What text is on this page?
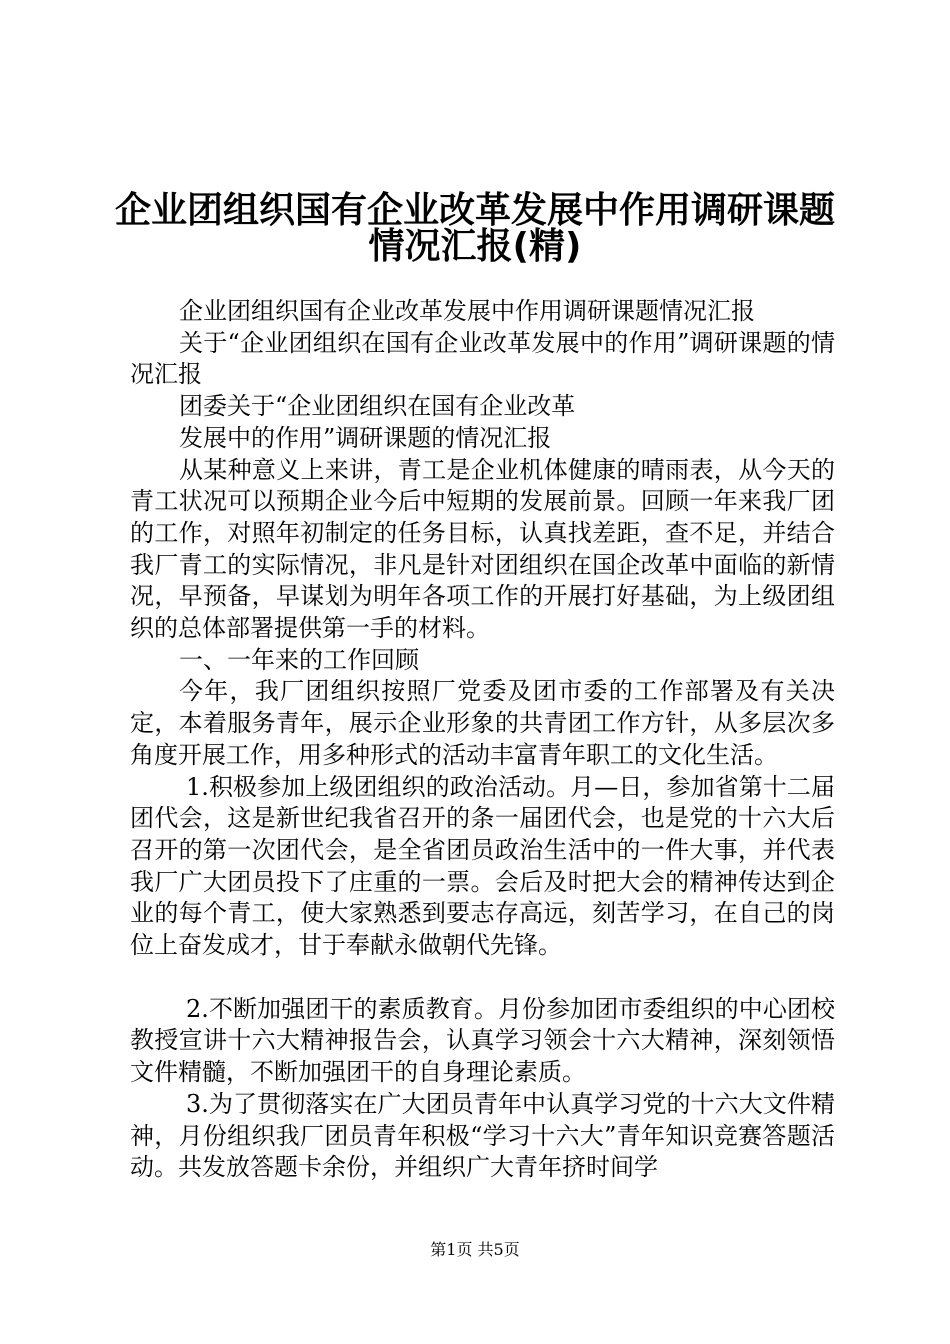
企业团组织国有企业改革发展中作用调研课题
情况汇报(精)

企业团组织国有企业改革发展中作用调研课题情况汇报

关于“企业团组织在国有企业改革发展中的作用”调研课题的情况汇报

团委关于“企业团组织在国有企业改革

发展中的作用”调研课题的情况汇报

从某种意义上来讲，青工是企业机体健康的晴雨表，从今天的青工状况可以预期企业今后中短期的发展前景。回顾一年来我厂团的工作，对照年初制定的任务目标，认真找差距，查不足，并结合我厂青工的实际情况，非凡是针对团组织在国企改革中面临的新情况，早预备，早谋划为明年各项工作的开展打好基础，为上级团组织的总体部署提供第一手的材料。

一、一年来的工作回顾

今年，我厂团组织按照厂党委及团市委的工作部署及有关决定，本着服务青年，展示企业形象的共青团工作方针，从多层次多角度开展工作，用多种形式的活动丰富青年职工的文化生活。

1.积极参加上级团组织的政治活动。月—日，参加省第十二届团代会，这是新世纪我省召开的条一届团代会，也是党的十六大后召开的第一次团代会，是全省团员政治生活中的一件大事，并代表我厂广大团员投下了庄重的一票。会后及时把大会的精神传达到企业的每个青工，使大家熟悉到要志存高远，刻苦学习，在自己的岗位上奋发成才，甘于奉献永做朝代先锋。

2.不断加强团干的素质教育。月份参加团市委组织的中心团校教授宣讲十六大精神报告会，认真学习领会十六大精神，深刻领悟文件精髓，不断加强团干的自身理论素质。

3.为了贯彻落实在广大团员青年中认真学习党的十六大文件精神，月份组织我厂团员青年积极“学习十六大”青年知识竞赛答题活动。共发放答题卡余份，并组织广大青年挤时间学

第1页 共5页
